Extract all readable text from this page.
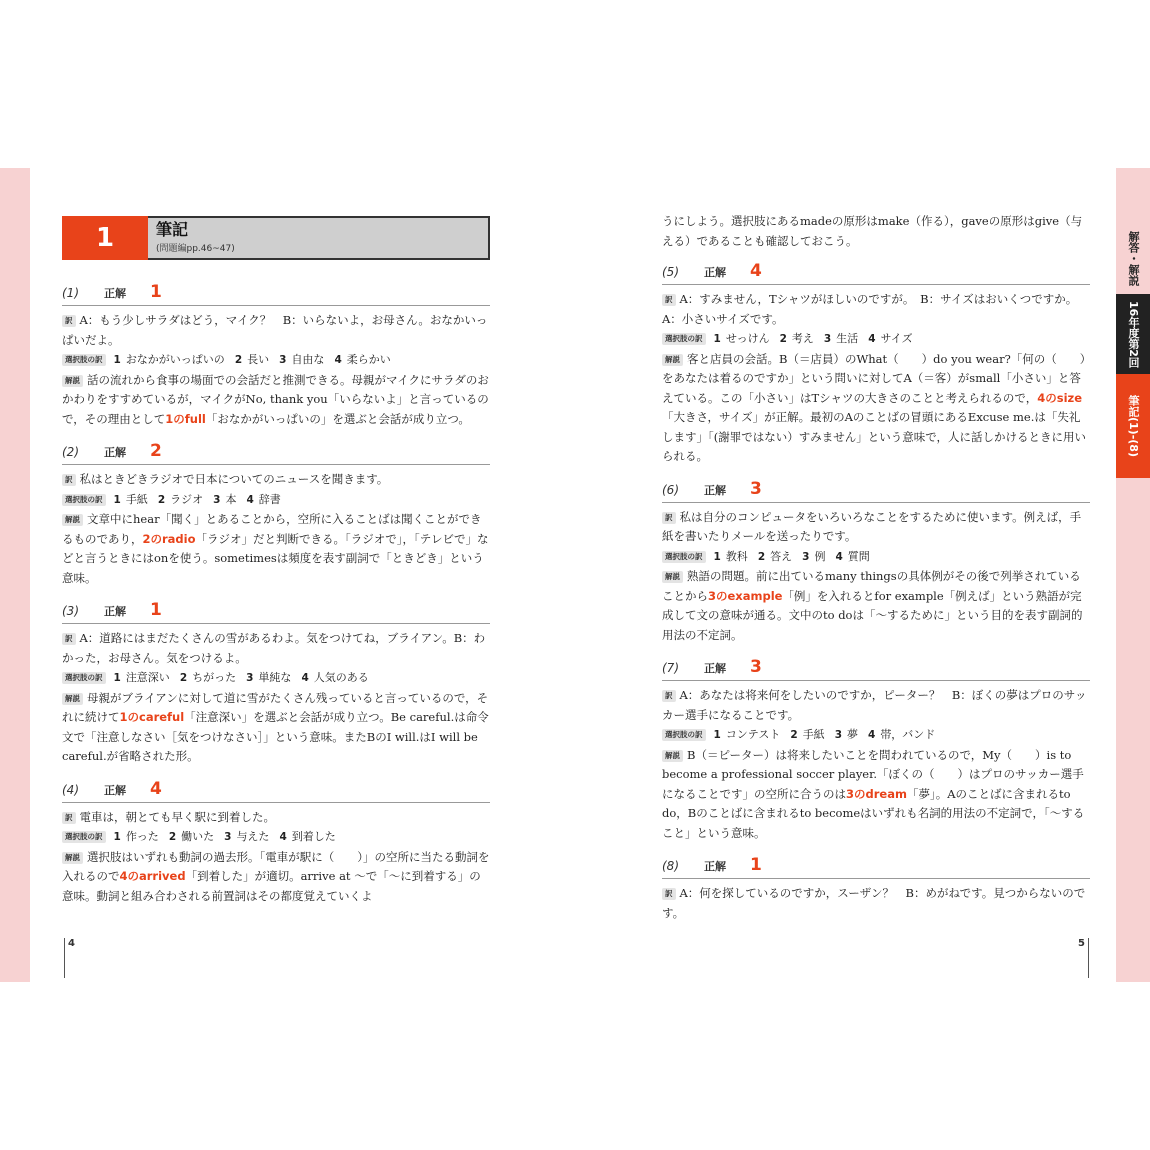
解答・解説
16年度第2回
筆記(1)-(8)
1	筆記
(問題編pp.46~47)
(1)	正解	1
訳 A：もう少しサラダはどう，マイク？　B：いらないよ，お母さん。おなかいっぱいだよ。
選択肢の訳 1 おなかがいっぱいの 2 長い 3 自由な 4 柔らかい
解説 話の流れから食事の場面での会話だと推測できる。母親がマイクにサラダのおかわりをすすめているが，マイクがNo, thank you「いらないよ」と言っているので，その理由として1のfull「おなかがいっぱいの」を選ぶと会話が成り立つ。
(2)	正解	2
訳 私はときどきラジオで日本についてのニュースを聞きます。
選択肢の訳 1 手紙 2 ラジオ 3 本 4 辞書
解説 文章中にhear「聞く」とあることから，空所に入ることばは聞くことができるものであり，2のradio「ラジオ」だと判断できる。「ラジオで」，「テレビで」などと言うときにはonを使う。sometimesは頻度を表す副詞で「ときどき」という意味。
(3)	正解	1
訳 A：道路にはまだたくさんの雪があるわよ。気をつけてね，ブライアン。B：わかった，お母さん。気をつけるよ。
選択肢の訳 1 注意深い 2 ちがった 3 単純な 4 人気のある
解説 母親がブライアンに対して道に雪がたくさん残っていると言っているので，それに続けて1のcareful「注意深い」を選ぶと会話が成り立つ。Be careful.は命令文で「注意しなさい［気をつけなさい］」という意味。またBのI will.はI will be careful.が省略された形。
(4)	正解	4
訳 電車は，朝とても早く駅に到着した。
選択肢の訳 1 作った 2 働いた 3 与えた 4 到着した
解説 選択肢はいずれも動詞の過去形。「電車が駅に（　　）」の空所に当たる動詞を入れるので4のarrived「到着した」が適切。arrive at ～で「～に到着する」の意味。動詞と組み合わされる前置詞はその都度覚えていくよ
うにしよう。選択肢にあるmadeの原形はmake（作る），gaveの原形はgive（与える）であることも確認しておこう。
(5)	正解	4
訳 A：すみません，Tシャツがほしいのですが。　B：サイズはおいくつですか。　A：小さいサイズです。
選択肢の訳 1 せっけん 2 考え 3 生活 4 サイズ
解説 客と店員の会話。B（＝店員）のWhat（　　）do you wear?「何の（　　）をあなたは着るのですか」という問いに対してA（＝客）がsmall「小さい」と答えている。この「小さい」はTシャツの大きさのことと考えられるので，4のsize「大きさ，サイズ」が正解。最初のAのことばの冒頭にあるExcuse me.は「失礼します」「(謝罪ではない）すみません」という意味で，人に話しかけるときに用いられる。
(6)	正解	3
訳 私は自分のコンピュータをいろいろなことをするために使います。例えば，手紙を書いたりメールを送ったりです。
選択肢の訳 1 教科 2 答え 3 例 4 質問
解説 熟語の問題。前に出ているmany thingsの具体例がその後で列挙されていることから3のexample「例」を入れるとfor example「例えば」という熟語が完成して文の意味が通る。文中のto doは「～するために」という目的を表す副詞的用法の不定詞。
(7)	正解	3
訳 A：あなたは将来何をしたいのですか，ピーター？　B：ぼくの夢はプロのサッカー選手になることです。
選択肢の訳 1 コンテスト 2 手紙 3 夢 4 帯，バンド
解説 B（＝ピーター）は将来したいことを問われているので，My（　　）is to become a professional soccer player.「ぼくの（　　）はプロのサッカー選手になることです」の空所に合うのは3のdream「夢」。Aのことばに含まれるto do，Bのことばに含まれるto becomeはいずれも名詞的用法の不定詞で，「～すること」という意味。
(8)	正解	1
訳 A：何を探しているのですか，スーザン？　B：めがねです。見つからないのです。
4	5
